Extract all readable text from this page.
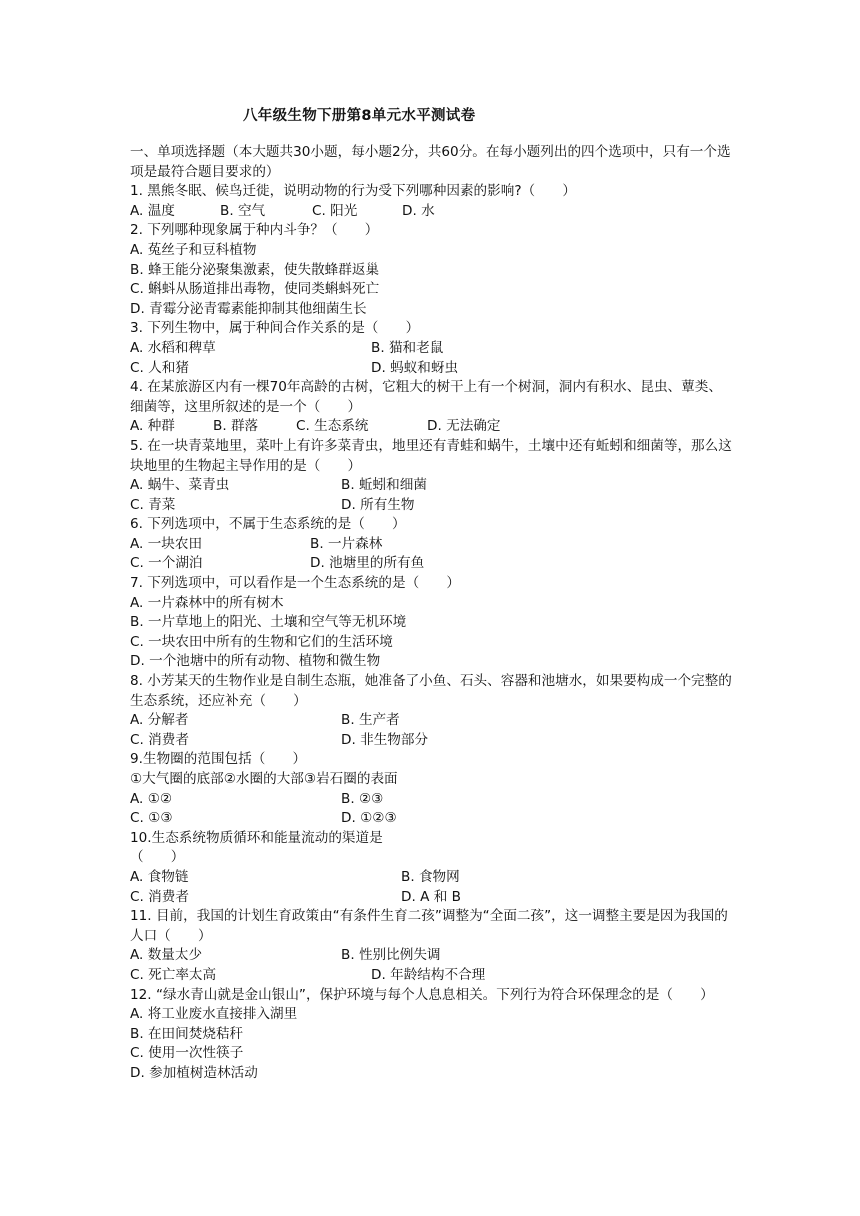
八年级生物下册第8单元水平测试卷
一、单项选择题（本大题共30小题，每小题2分，共60分。在每小题列出的四个选项中，只有一个选项是最符合题目要求的）
1. 黑熊冬眠、候鸟迁徙，说明动物的行为受下列哪种因素的影响?（　　）
A. 温度	B. 空气	C. 阳光	D. 水
2. 下列哪种现象属于种内斗争？（　　）
A. 菟丝子和豆科植物
B. 蜂王能分泌聚集激素，使失散蜂群返巢
C. 蝌蚪从肠道排出毒物，使同类蝌蚪死亡
D. 青霉分泌青霉素能抑制其他细菌生长
3. 下列生物中，属于种间合作关系的是（　　）
A. 水稻和稗草	B. 猫和老鼠
C. 人和猪	D. 蚂蚁和蚜虫
4. 在某旅游区内有一棵70年高龄的古树，它粗大的树干上有一个树洞，洞内有积水、昆虫、蕈类、细菌等，这里所叙述的是一个（　　）
A. 种群	B. 群落	C. 生态系统	D. 无法确定
5. 在一块青菜地里，菜叶上有许多菜青虫，地里还有青蛙和蜗牛，土壤中还有蚯蚓和细菌等，那么这块地里的生物起主导作用的是（　　）
A. 蜗牛、菜青虫	B. 蚯蚓和细菌
C. 青菜	D. 所有生物
6. 下列选项中，不属于生态系统的是（　　）
A. 一块农田	B. 一片森林
C. 一个湖泊	D. 池塘里的所有鱼
7. 下列选项中，可以看作是一个生态系统的是（　　）
A. 一片森林中的所有树木
B. 一片草地上的阳光、土壤和空气等无机环境
C. 一块农田中所有的生物和它们的生活环境
D. 一个池塘中的所有动物、植物和微生物
8. 小芳某天的生物作业是自制生态瓶，她准备了小鱼、石头、容器和池塘水，如果要构成一个完整的生态系统，还应补充（　　）
A. 分解者	B. 生产者
C. 消费者	D. 非生物部分
9.生物圈的范围包括（　　）
①大气圈的底部②水圈的大部③岩石圈的表面
A. ①②	B. ②③
C. ①③	D. ①②③
10.生态系统物质循环和能量流动的渠道是
（　　）
A. 食物链	B. 食物网
C. 消费者	D. A 和 B
11. 目前，我国的计划生育政策由“有条件生育二孩”调整为“全面二孩”，这一调整主要是因为我国的人口（　　）
A. 数量太少	B. 性别比例失调
C. 死亡率太高	D. 年龄结构不合理
12. “绿水青山就是金山银山”，保护环境与每个人息息相关。下列行为符合环保理念的是（　　）
A. 将工业废水直接排入湖里
B. 在田间焚烧秸秆
C. 使用一次性筷子
D. 参加植树造林活动
